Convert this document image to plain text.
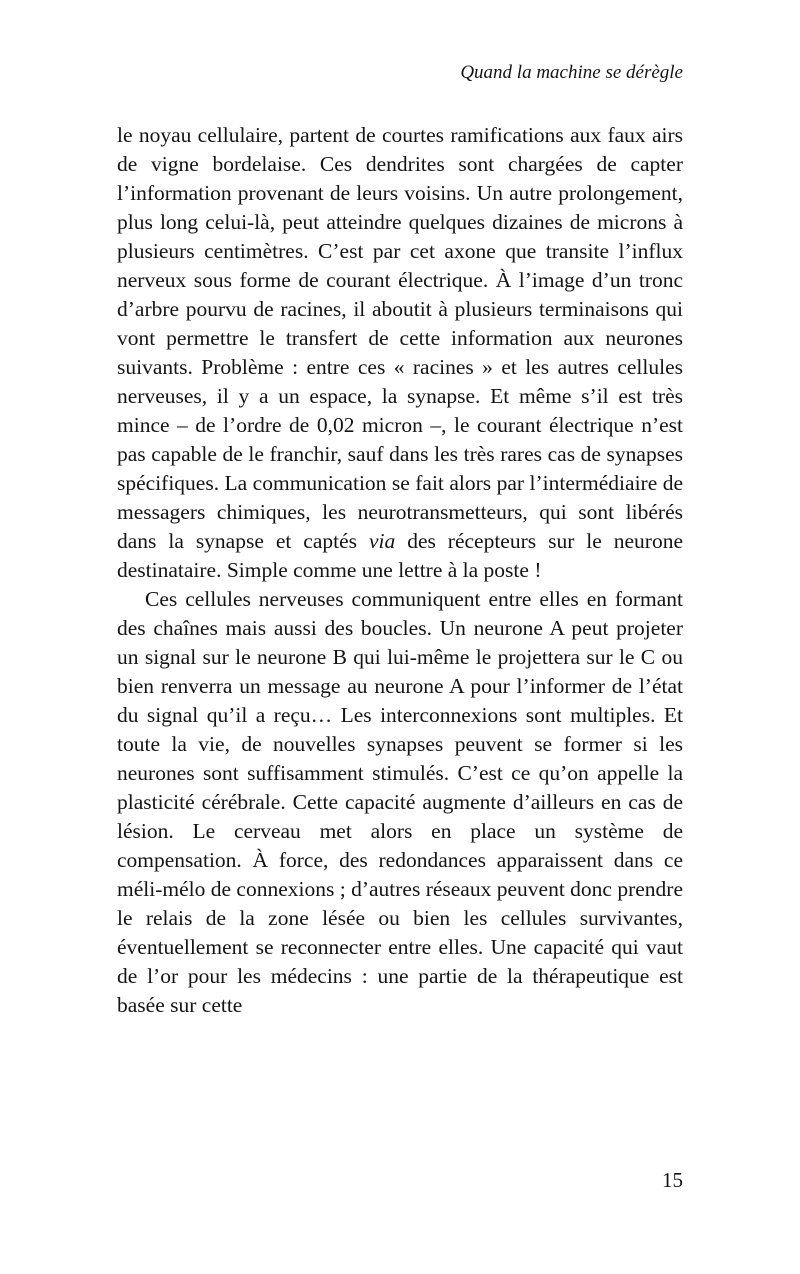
Quand la machine se dérègle

le noyau cellulaire, partent de courtes ramifications aux faux airs de vigne bordelaise. Ces dendrites sont chargées de capter l’information provenant de leurs voisins. Un autre prolongement, plus long celui-là, peut atteindre quelques dizaines de microns à plusieurs centimètres. C’est par cet axone que transite l’influx nerveux sous forme de courant électrique. À l’image d’un tronc d’arbre pourvu de racines, il aboutit à plusieurs terminaisons qui vont permettre le transfert de cette information aux neurones suivants. Problème : entre ces « racines » et les autres cellules nerveuses, il y a un espace, la synapse. Et même s’il est très mince – de l’ordre de 0,02 micron –, le courant électrique n’est pas capable de le franchir, sauf dans les très rares cas de synapses spécifiques. La communication se fait alors par l’intermédiaire de messagers chimiques, les neurotransmetteurs, qui sont libérés dans la synapse et captés via des récepteurs sur le neurone destinataire. Simple comme une lettre à la poste !

Ces cellules nerveuses communiquent entre elles en formant des chaînes mais aussi des boucles. Un neurone A peut projeter un signal sur le neurone B qui lui-même le projettera sur le C ou bien renverra un message au neurone A pour l’informer de l’état du signal qu’il a reçu… Les interconnexions sont multiples. Et toute la vie, de nouvelles synapses peuvent se former si les neurones sont suffisamment stimulés. C’est ce qu’on appelle la plasticité cérébrale. Cette capacité augmente d’ailleurs en cas de lésion. Le cerveau met alors en place un système de compensation. À force, des redondances apparaissent dans ce méli-mélo de connexions ; d’autres réseaux peuvent donc prendre le relais de la zone lésée ou bien les cellules survivantes, éventuellement se reconnecter entre elles. Une capacité qui vaut de l’or pour les médecins : une partie de la thérapeutique est basée sur cette

15
